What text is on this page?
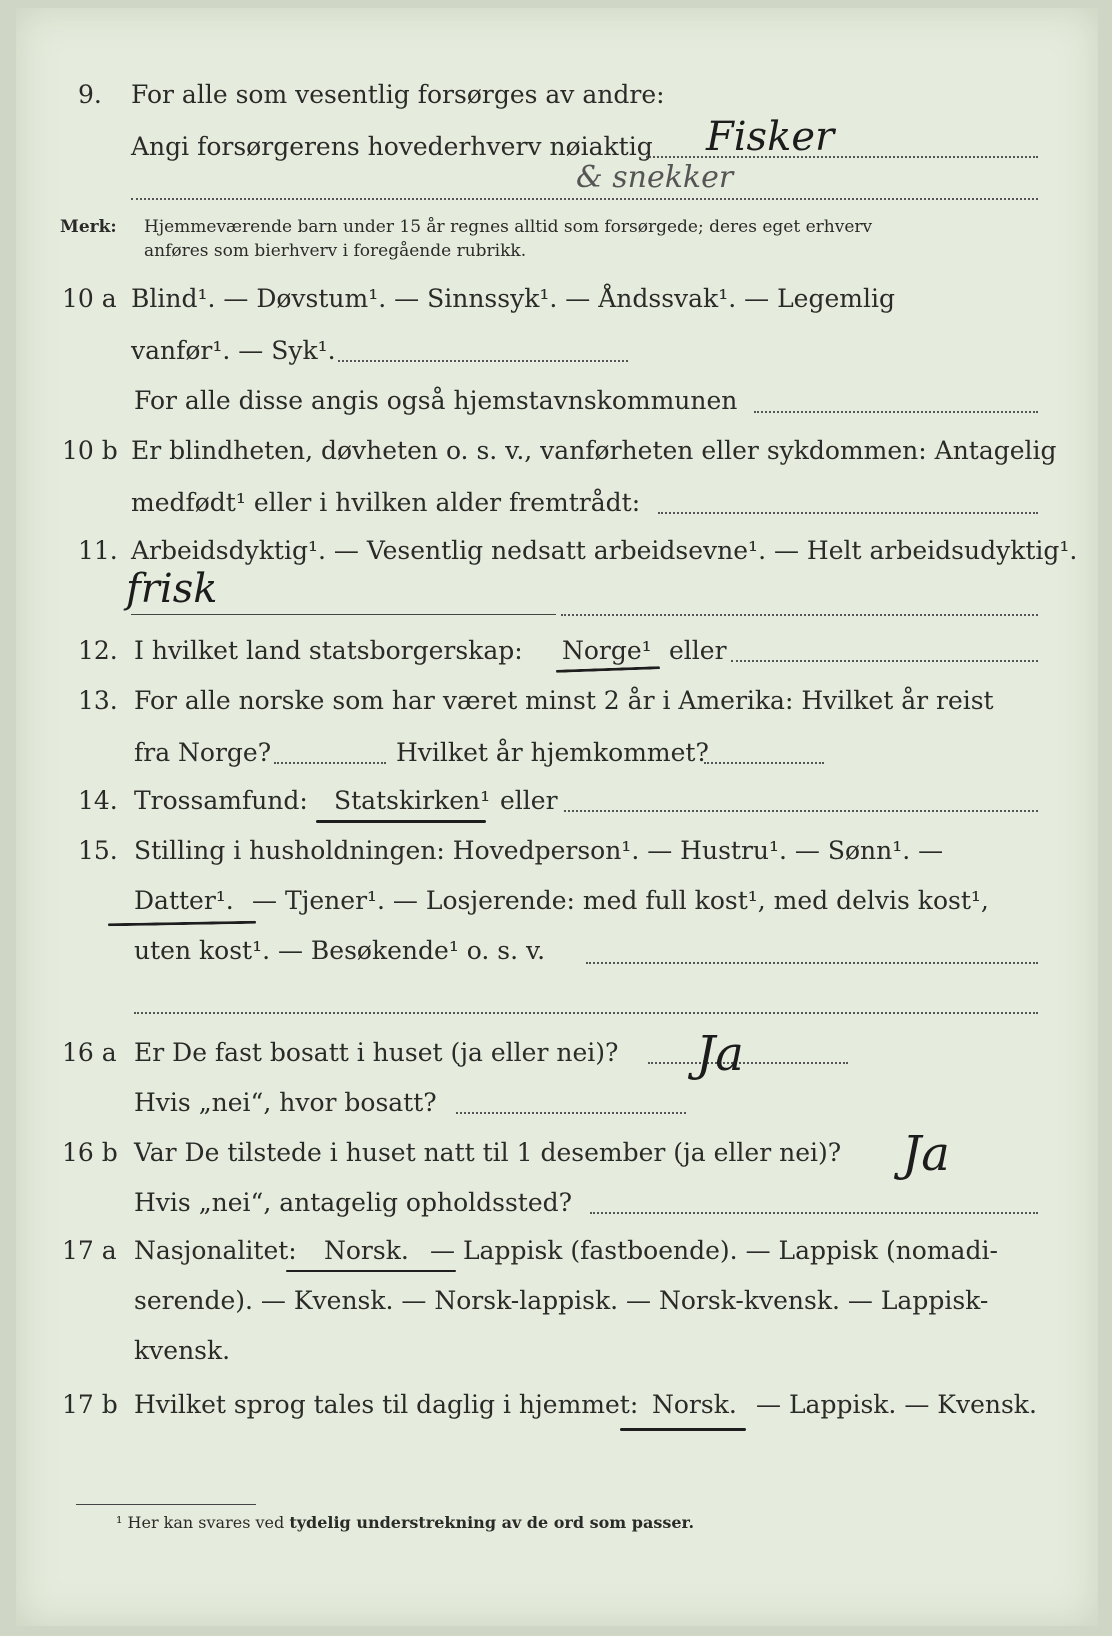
9. For alle som vesentlig forsørges av andre:
Angi forsørgerens hovederhverv nøiaktig Fisker
& snekker
Merk: Hjemmeværende barn under 15 år regnes alltid som forsørgede; deres eget erhverv
anføres som bierhverv i foregående rubrikk.
10 a Blind¹. — Døvstum¹. — Sinnssyk¹. — Åndssvak¹. — Legemlig
vanfør¹. — Syk¹.
For alle disse angis også hjemstavnskommunen
10 b Er blindheten, døvheten o. s. v., vanførheten eller sykdommen: Antagelig
medfødt¹ eller i hvilken alder fremtrådt:
11. Arbeidsdyktig¹. — Vesentlig nedsatt arbeidsevne¹. — Helt arbeidsudyktig¹.
frisk
12. I hvilket land statsborgerskap: Norge¹ eller
13. For alle norske som har været minst 2 år i Amerika: Hvilket år reist
fra Norge?	Hvilket år hjemkommet?
14. Trossamfund: Statskirken¹ eller
15. Stilling i husholdningen: Hovedperson¹. — Hustru¹. — Sønn¹. —
Datter¹. — Tjener¹. — Losjerende: med full kost¹, med delvis kost¹,
uten kost¹. — Besøkende¹ o. s. v.
16 a Er De fast bosatt i huset (ja eller nei)? Ja
Hvis „nei“, hvor bosatt?
16 b Var De tilstede i huset natt til 1 desember (ja eller nei)? Ja
Hvis „nei“, antagelig opholdssted?
17 a Nasjonalitet: Norsk. — Lappisk (fastboende). — Lappisk (nomadi-
serende). — Kvensk. — Norsk-lappisk. — Norsk-kvensk. — Lappisk-
kvensk.
17 b Hvilket sprog tales til daglig i hjemmet: Norsk. — Lappisk. — Kvensk.
¹ Her kan svares ved tydelig understrekning av de ord som passer.
